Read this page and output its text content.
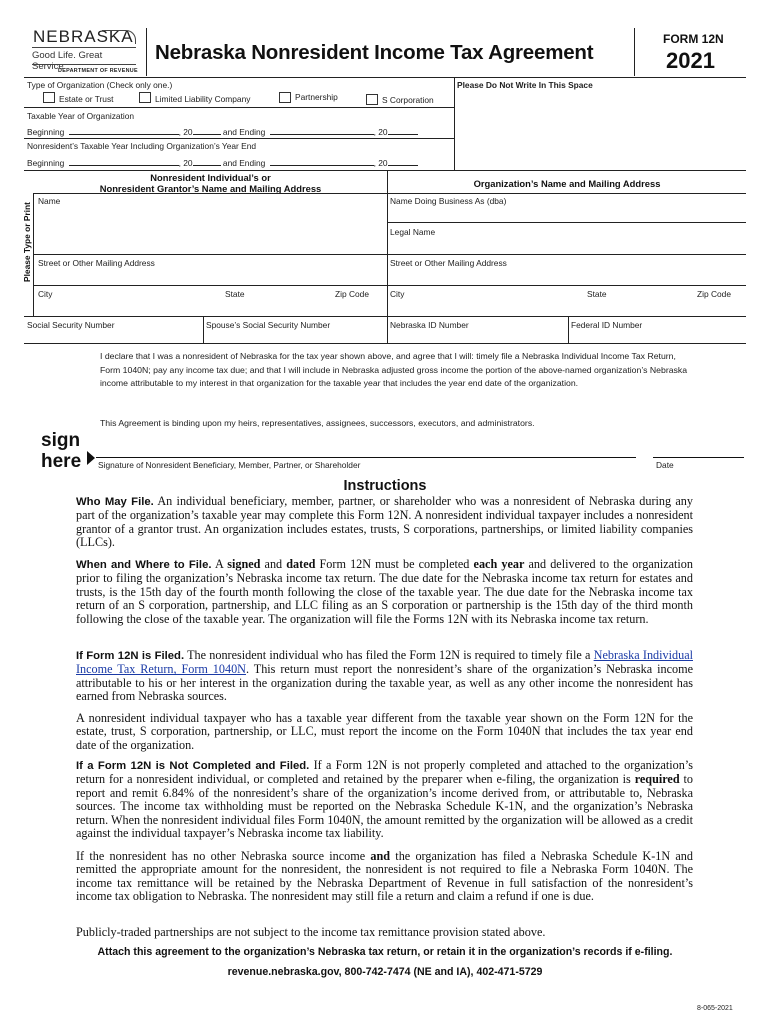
NEBRASKA
Good Life. Great Service.
DEPARTMENT OF REVENUE
Nebraska Nonresident Income Tax Agreement
FORM 12N
2021
Please Do Not Write In This Space
Type of Organization (Check only one.)
Estate or Trust	Limited Liability Company	Partnership	S Corporation
Taxable Year of Organization
Beginning	, 20	and Ending	, 20
Nonresident’s Taxable Year Including Organization’s Year End
Beginning	, 20	and Ending	, 20
Nonresident Individual’s or
Nonresident Grantor’s Name and Mailing Address	Organization’s Name and Mailing Address
Please Type or Print
Name	Name Doing Business As (dba)
Legal Name
Street or Other Mailing Address	Street or Other Mailing Address
City	State	Zip Code	City	State	Zip Code
Social Security Number	Spouse’s Social Security Number	Nebraska ID Number	Federal ID Number
I declare that I was a nonresident of Nebraska for the tax year shown above, and agree that I will: timely file a Nebraska Individual Income Tax Return, Form 1040N; pay any income tax due; and that I will include in Nebraska adjusted gross income the portion of the above-named organization’s Nebraska income attributable to my interest in that organization for the taxable year that includes the year end date of the organization.
This Agreement is binding upon my heirs, representatives, assignees, successors, executors, and administrators.
sign
here Signature of Nonresident Beneficiary, Member, Partner, or Shareholder	Date
Instructions
Who May File. An individual beneficiary, member, partner, or shareholder who was a nonresident of Nebraska during any part of the organization’s taxable year may complete this Form 12N. A nonresident individual taxpayer includes a nonresident grantor of a grantor trust. An organization includes estates, trusts, S corporations, partnerships, or limited liability companies (LLCs).
When and Where to File. A signed and dated Form 12N must be completed each year and delivered to the organization prior to filing the organization’s Nebraska income tax return. The due date for the Nebraska income tax return for estates and trusts, is the 15th day of the fourth month following the close of the taxable year. The due date for the Nebraska income tax return of an S corporation, partnership, and LLC filing as an S corporation or partnership is the 15th day of the third month following the close of the taxable year. The organization will file the Forms 12N with its Nebraska income tax return.
If Form 12N is Filed. The nonresident individual who has filed the Form 12N is required to timely file a Nebraska Individual Income Tax Return, Form 1040N. This return must report the nonresident’s share of the organization’s Nebraska income attributable to his or her interest in the organization during the taxable year, as well as any other income the nonresident has earned from Nebraska sources.
A nonresident individual taxpayer who has a taxable year different from the taxable year shown on the Form 12N for the estate, trust, S corporation, partnership, or LLC, must report the income on the Form 1040N that includes the tax year end date of the organization.
If a Form 12N is Not Completed and Filed. If a Form 12N is not properly completed and attached to the organization’s return for a nonresident individual, or completed and retained by the preparer when e-filing, the organization is required to report and remit 6.84% of the nonresident’s share of the organization’s income derived from, or attributable to, Nebraska sources. The income tax withholding must be reported on the Nebraska Schedule K-1N, and the organization’s Nebraska return. When the nonresident individual files Form 1040N, the amount remitted by the organization will be allowed as a credit against the individual taxpayer’s Nebraska income tax liability.
If the nonresident has no other Nebraska source income and the organization has filed a Nebraska Schedule K-1N and remitted the appropriate amount for the nonresident, the nonresident is not required to file a Nebraska Form 1040N. The income tax remittance will be retained by the Nebraska Department of Revenue in full satisfaction of the nonresident’s income tax obligation to Nebraska. The nonresident may still file a return and claim a refund if one is due.
Publicly-traded partnerships are not subject to the income tax remittance provision stated above.
Attach this agreement to the organization’s Nebraska tax return, or retain it in the organization’s records if e-filing.
revenue.nebraska.gov, 800-742-7474 (NE and IA), 402-471-5729
8-065-2021
